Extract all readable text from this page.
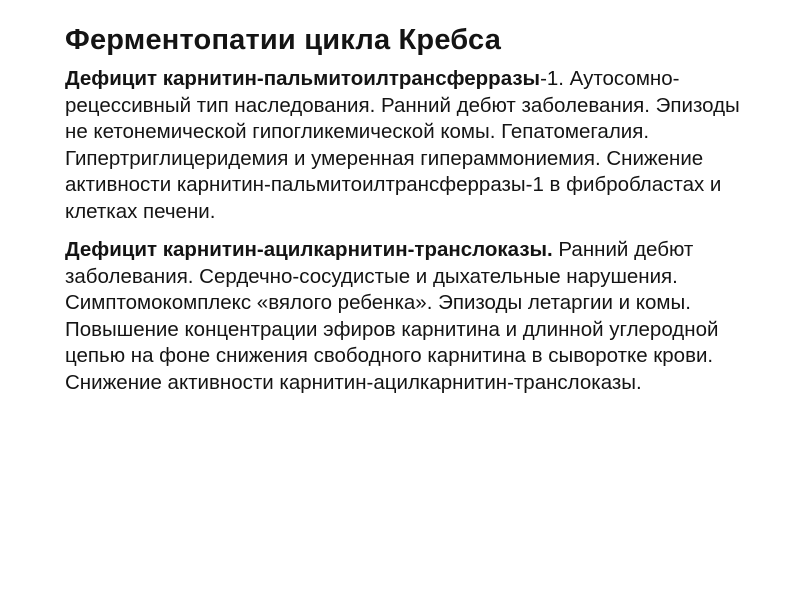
Ферментопатии цикла Кребса

Дефицит карнитин-пальмитоилтрансферразы-1. Аутосомно-рецессивный тип наследования. Ранний дебют заболевания. Эпизоды не кетонемической гипогликемической комы. Гепатомегалия. Гипертриглицеридемия и умеренная гипераммониемия. Снижение активности карнитин-пальмитоилтрансферразы-1 в фибробластах и клетках печени.

Дефицит карнитин-ацилкарнитин-транслоказы. Ранний дебют заболевания. Сердечно-сосудистые и дыхательные нарушения. Симптомокомплекс «вялого ребенка». Эпизоды летаргии и комы. Повышение концентрации эфиров карнитина и длинной углеродной цепью на фоне снижения свободного карнитина в сыворотке крови. Снижение активности карнитин-ацилкарнитин-транслоказы.
